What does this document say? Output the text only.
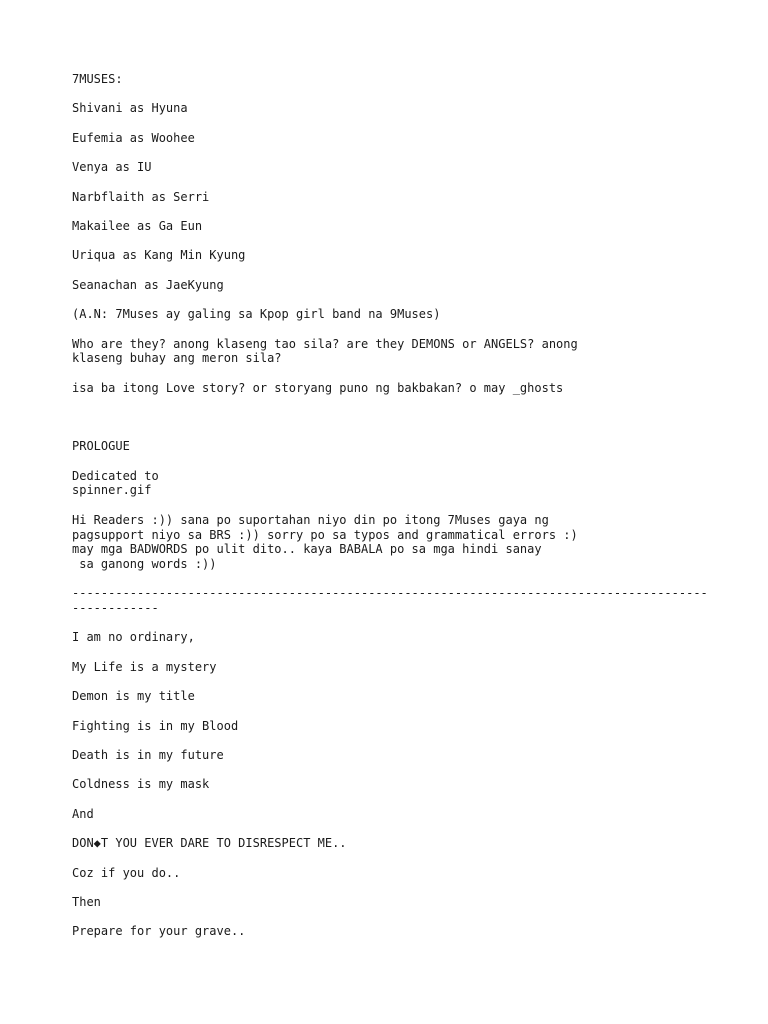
7MUSES:
Shivani as Hyuna
Eufemia as Woohee
Venya as IU
Narbflaith as Serri
Makailee as Ga Eun
Uriqua as Kang Min Kyung
Seanachan as JaeKyung
(A.N: 7Muses ay galing sa Kpop girl band na 9Muses)
Who are they? anong klaseng tao sila? are they DEMONS or ANGELS? anong
klaseng buhay ang meron sila?
isa ba itong Love story? or storyang puno ng bakbakan? o may _ghosts
PROLOGUE
Dedicated to
spinner.gif
Hi Readers :)) sana po suportahan niyo din po itong 7Muses gaya ng
pagsupport niyo sa BRS :)) sorry po sa typos and grammatical errors :)
may mga BADWORDS po ulit dito.. kaya BABALA po sa mga hindi sanay
sa ganong words :))
----------------------------------------------------------------------------------------------------
I am no ordinary,
My Life is a mystery
Demon is my title
Fighting is in my Blood
Death is in my future
Coldness is my mask
And
DON◆T YOU EVER DARE TO DISRESPECT ME..
Coz if you do..
Then
Prepare for your grave..
